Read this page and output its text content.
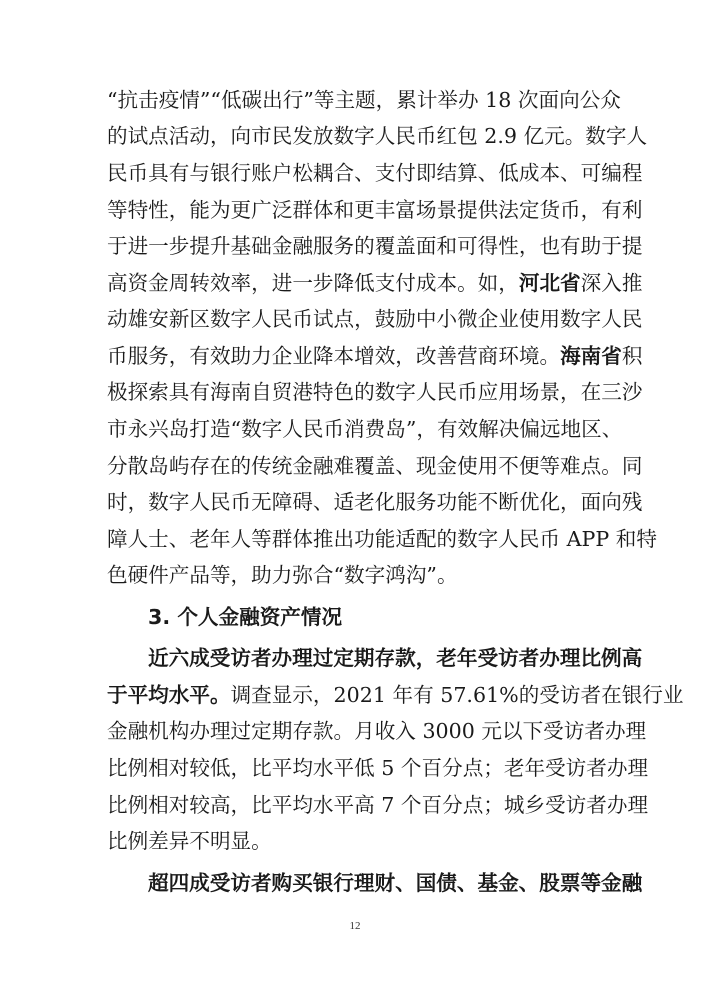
“抗击疫情”“低碳出行”等主题，累计举办 18 次面向公众
的试点活动，向市民发放数字人民币红包 2.9 亿元。数字人
民币具有与银行账户松耦合、支付即结算、低成本、可编程
等特性，能为更广泛群体和更丰富场景提供法定货币，有利
于进一步提升基础金融服务的覆盖面和可得性，也有助于提
高资金周转效率，进一步降低支付成本。如，河北省深入推
动雄安新区数字人民币试点，鼓励中小微企业使用数字人民
币服务，有效助力企业降本增效，改善营商环境。海南省积
极探索具有海南自贸港特色的数字人民币应用场景，在三沙
市永兴岛打造“数字人民币消费岛”，有效解决偏远地区、
分散岛屿存在的传统金融难覆盖、现金使用不便等难点。同
时，数字人民币无障碍、适老化服务功能不断优化，面向残
障人士、老年人等群体推出功能适配的数字人民币 APP 和特
色硬件产品等，助力弥合“数字鸿沟”。
3. 个人金融资产情况
近六成受访者办理过定期存款，老年受访者办理比例高
于平均水平。调查显示，2021 年有 57.61%的受访者在银行业
金融机构办理过定期存款。月收入 3000 元以下受访者办理
比例相对较低，比平均水平低 5 个百分点；老年受访者办理
比例相对较高，比平均水平高 7 个百分点；城乡受访者办理
比例差异不明显。
超四成受访者购买银行理财、国债、基金、股票等金融
12
